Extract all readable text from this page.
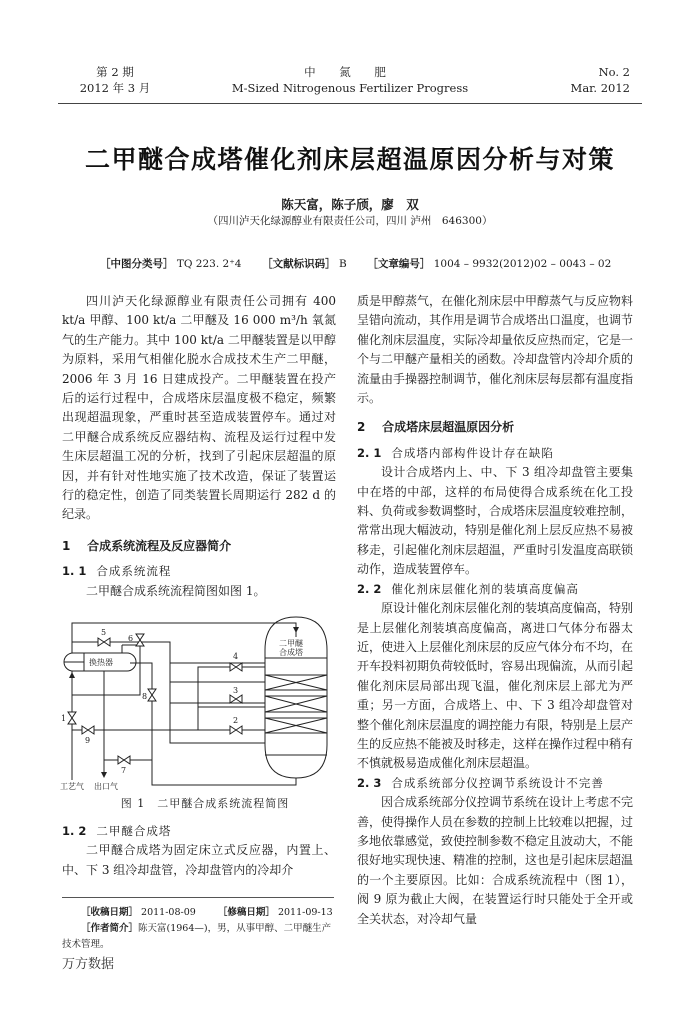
第 2 期
2012 年 3 月
中 氮 肥
M-Sized Nitrogenous Fertilizer Progress
No. 2
Mar. 2012
二甲醚合成塔催化剂床层超温原因分析与对策
陈天富，陈子颀，廖　双
（四川泸天化绿源醇业有限责任公司，四川 泸州　646300）
［中图分类号］ TQ 223. 2⁺4 ［文献标识码］ B ［文章编号］ 1004 – 9932(2012)02 – 0043 – 02

四川泸天化绿源醇业有限责任公司拥有 400 kt/a 甲醇、100 kt/a 二甲醚及 16 000 m³/h 氧氮气的生产能力。其中 100 kt/a 二甲醚装置是以甲醇为原料，采用气相催化脱水合成技术生产二甲醚，2006 年 3 月 16 日建成投产。二甲醚装置在投产后的运行过程中，合成塔床层温度极不稳定，频繁出现超温现象，严重时甚至造成装置停车。通过对二甲醚合成系统反应器结构、流程及运行过程中发生床层超温工况的分析，找到了引起床层超温的原因，并有针对性地实施了技术改造，保证了装置运行的稳定性，创造了同类装置长周期运行 282 d 的纪录。

1 合成系统流程及反应器简介

1. 1 合成系统流程

二甲醚合成系统流程简图如图 1。

5
6
1
8
4
3
2
9
7
换热器
二甲醚
合成塔
工艺气 出口气
图 1　二甲醚合成系统流程简图

1. 2 二甲醚合成塔

二甲醚合成塔为固定床立式反应器，内置上、中、下 3 组冷却盘管，冷却盘管内的冷却介

［收稿日期］ 2011-08-09 ［修稿日期］ 2011-09-13
［作者简介］陈天富(1964—)，男，从事甲醇、二甲醚生产技术管理。
万方数据

质是甲醇蒸气，在催化剂床层中甲醇蒸气与反应物料呈错向流动，其作用是调节合成塔出口温度，也调节催化剂床层温度，实际冷却量依反应热而定，它是一个与二甲醚产量相关的函数。冷却盘管内冷却介质的流量由手操器控制调节，催化剂床层每层都有温度指示。

2 合成塔床层超温原因分析

2. 1 合成塔内部构件设计存在缺陷

设计合成塔内上、中、下 3 组冷却盘管主要集中在塔的中部，这样的布局使得合成系统在化工投料、负荷或参数调整时，合成塔床层温度较难控制，常常出现大幅波动，特别是催化剂上层反应热不易被移走，引起催化剂床层超温，严重时引发温度高联锁动作，造成装置停车。

2. 2 催化剂床层催化剂的装填高度偏高

原设计催化剂床层催化剂的装填高度偏高，特别是上层催化剂装填高度偏高，离进口气体分布器太近，使进入上层催化剂床层的反应气体分布不均，在开车投料初期负荷较低时，容易出现偏流，从而引起催化剂床层局部出现飞温，催化剂床层上部尤为严重；另一方面，合成塔上、中、下 3 组冷却盘管对整个催化剂床层温度的调控能力有限，特别是上层产生的反应热不能被及时移走，这样在操作过程中稍有不慎就极易造成催化剂床层超温。

2. 3 合成系统部分仪控调节系统设计不完善

因合成系统部分仪控调节系统在设计上考虑不完善，使得操作人员在参数的控制上比较难以把握，过多地依靠感觉，致使控制参数不稳定且波动大，不能很好地实现快速、精准的控制，这也是引起床层超温的一个主要原因。比如：合成系统流程中（图 1），阀 9 原为截止大阀，在装置运行时只能处于全开或全关状态，对冷却气量
